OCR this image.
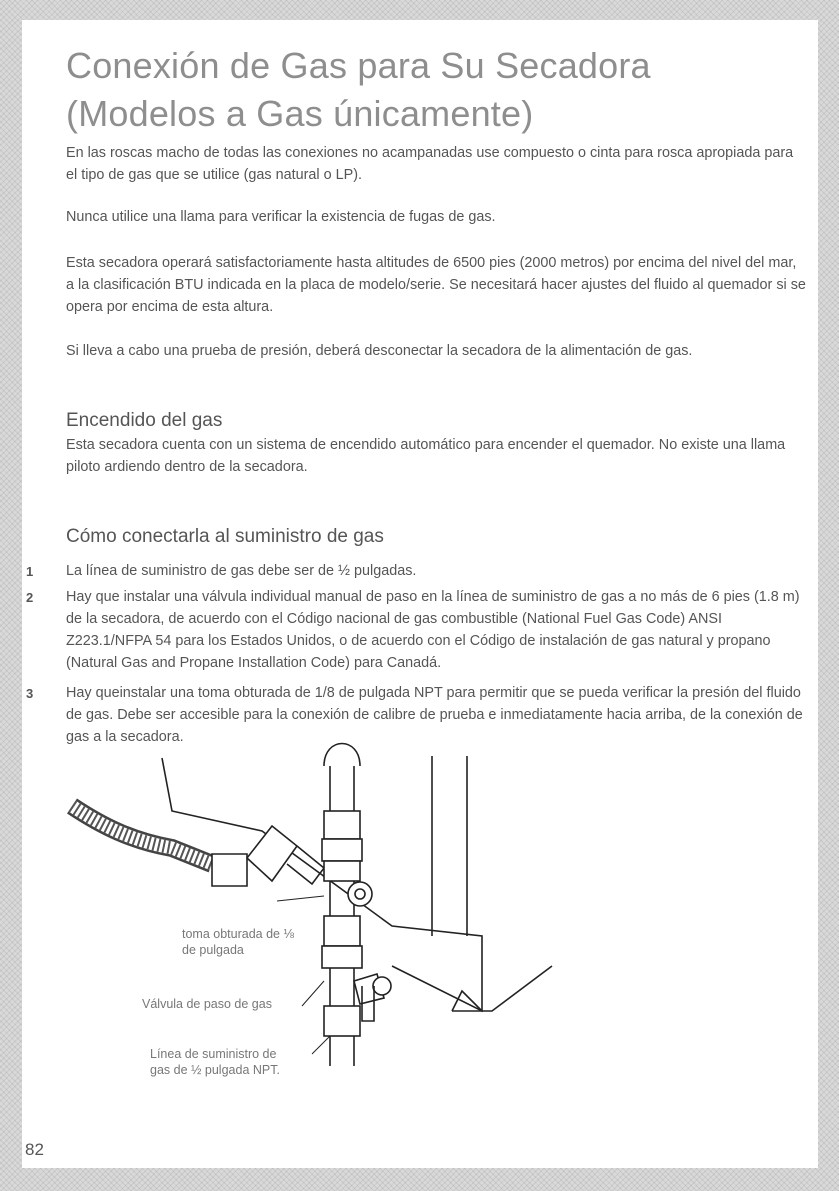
Conexión de Gas para Su Secadora (Modelos a Gas únicamente)

En las roscas macho de todas las conexiones no acampanadas use compuesto o cinta para rosca apropiada para el tipo de gas que se utilice (gas natural o LP).

Nunca utilice una llama para verificar la existencia de fugas de gas.

Esta secadora operará satisfactoriamente hasta altitudes de 6500 pies (2000 metros) por encima del nivel del mar, a la clasificación BTU indicada en la placa de modelo/serie. Se necesitará hacer ajustes del fluido al quemador si se opera por encima de esta altura.

Si lleva a cabo una prueba de presión, deberá desconectar la secadora de la alimentación de gas.

Encendido del gas

Esta secadora cuenta con un sistema de encendido automático para encender el quemador. No existe una llama piloto ardiendo dentro de la secadora.

Cómo conectarla al suministro de gas
1 La línea de suministro de gas debe ser de ½ pulgadas.

2 Hay que instalar una válvula individual manual de paso en la línea de suministro de gas a no más de 6 pies (1.8 m) de la secadora, de acuerdo con el Código nacional de gas combustible (National Fuel Gas Code) ANSI Z223.1/NFPA 54 para los Estados Unidos, o de acuerdo con el Código de instalación de gas natural y propano (Natural Gas and Propane Installation Code) para Canadá.

3 Hay queinstalar una toma obturada de 1/8 de pulgada NPT para permitir que se pueda verificar la presión del fluido de gas. Debe ser accesible para la conexión de calibre de prueba e inmediatamente hacia arriba, de la conexión de gas a la secadora.

toma obturada de ⅛
de pulgada
Válvula de paso de gas
Línea de suministro de
gas de ½ pulgada NPT.
82
